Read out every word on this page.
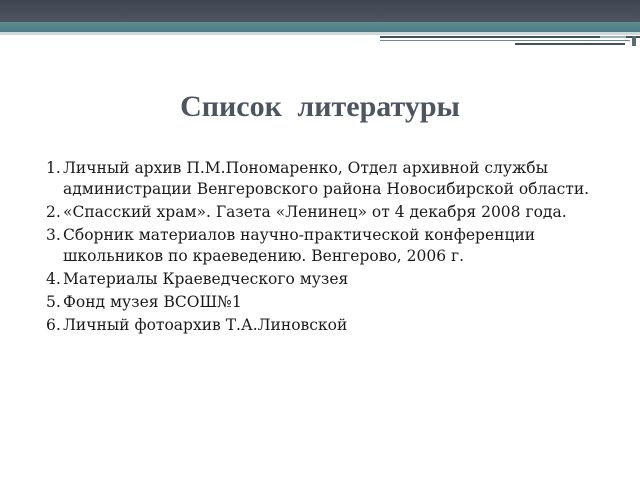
Список литературы
1. Личный архив П.М.Пономаренко, Отдел архивной службы администрации Венгеровского района Новосибирской области.
2. «Спасский храм». Газета «Ленинец» от 4 декабря 2008 года.
3. Сборник материалов научно-практической конференции школьников по краеведению. Венгерово, 2006 г.
4. Материалы Краеведческого музея
5. Фонд музея ВСОШ№1
6. Личный фотоархив Т.А.Линовской
